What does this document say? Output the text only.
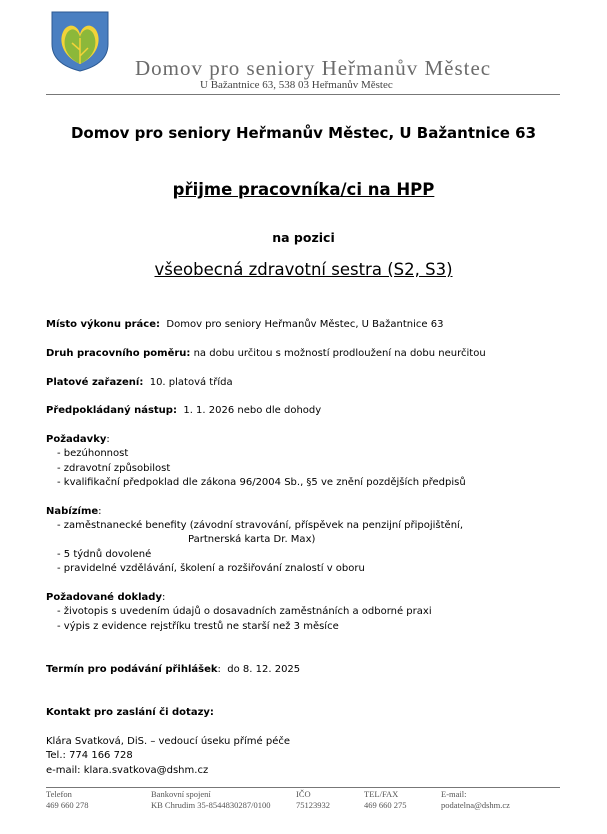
Domov pro seniory Heřmanův Městec
U Bažantnice 63, 538 03 Heřmanův Městec
Domov pro seniory Heřmanův Městec, U Bažantnice 63
přijme pracovníka/ci na HPP
na pozici
všeobecná zdravotní sestra (S2, S3)
Místo výkonu práce: Domov pro seniory Heřmanův Městec, U Bažantnice 63
Druh pracovního poměru: na dobu určitou s možností prodloužení na dobu neurčitou
Platové zařazení: 10. platová třída
Předpokládaný nástup: 1. 1. 2026 nebo dle dohody
Požadavky:
- bezúhonnost
- zdravotní způsobilost
- kvalifikační předpoklad dle zákona 96/2004 Sb., §5 ve znění pozdějších předpisů
Nabízíme:
- zaměstnanecké benefity (závodní stravování, příspěvek na penzijní připojištění,
Partnerská karta Dr. Max)
- 5 týdnů dovolené
- pravidelné vzdělávání, školení a rozšiřování znalostí v oboru
Požadované doklady:
- životopis s uvedením údajů o dosavadních zaměstnáních a odborné praxi
- výpis z evidence rejstříku trestů ne starší než 3 měsíce
Termín pro podávání přihlášek:  do 8. 12. 2025
Kontakt pro zaslání či dotazy:
Klára Svatková, DiS. – vedoucí úseku přímé péče
Tel.: 774 166 728
e-mail: klara.svatkova@dshm.cz
Telefon
469 660 278
Bankovní spojení
KB Chrudim 35-8544830287/0100
IČO
75123932
TEL/FAX
469 660 275
E-mail:
podatelna@dshm.cz
